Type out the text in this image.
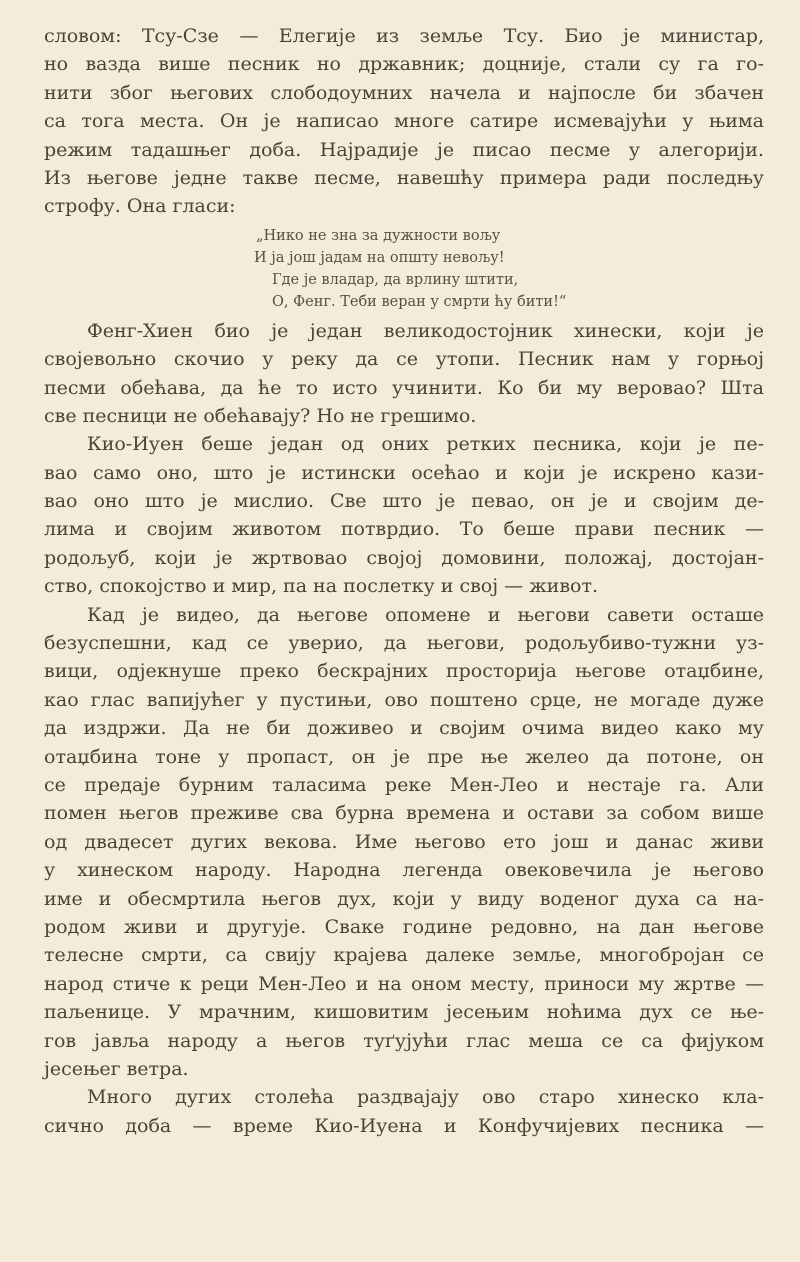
словом: Тсу-Сзе — Елегије из земље Тсу. Био је министар,
но вазда више песник но државник; доцније, стали су га го-
нити због његових слободоумних начела и најпосле би збачен
са тога места. Он је написао многе сатире исмевајући у њима
режим тадашњег доба. Најрадије је писао песме у алегорији.
Из његове једне такве песме, навешћу примера ради последњу
строфу. Она гласи:
„Нико не зна за дужности вољу
И ја још јадам на општу невољу!
Где је владар, да врлину штити,
О, Фенг. Теби веран у смрти ћу бити!“
Фенг-Хиен био је један великодостојник хинески, који је
својевољно скочио у реку да се утопи. Песник нам у горњој
песми обећава, да ће то исто учинити. Ко би му веровао? Шта
све песници не обећавају? Но не грешимо.
Кио-Иуен беше један од оних ретких песника, који је пе-
вао само оно, што је истински осећао и који је искрено кази-
вао оно што је мислио. Све што је певао, он је и својим де-
лима и својим животом потврдио. То беше прави песник —
родољуб, који је жртвовао својој домовини, положај, достојан-
ство, спокојство и мир, па на послетку и свој — живот.
Кад је видео, да његове опомене и његови савети осташе
безуспешни, кад се уверио, да његови, родољубиво-тужни уз-
вици, одјекнуше преко бескрајних просторија његове отаџбине,
као глас вапијућег у пустињи, ово поштено срце, не могаде дуже
да издржи. Да не би доживео и својим очима видео како му
отаџбина тоне у пропаст, он је пре ње желео да потоне, он
се предаје бурним таласима реке Мен-Лео и нестаје га. Али
помен његов преживе сва бурна времена и остави за собом више
од двадесет дугих векова. Име његово ето још и данас живи
у хинеском народу. Народна легенда овековечила је његово
име и обесмртила његов дух, који у виду воденог духа са на-
родом живи и другује. Сваке године редовно, на дан његове
телесне смрти, са свију крајева далеке земље, многобројан се
народ стиче к реци Мен-Лео и на оном месту, приноси му жртве —
паљенице. У мрачним, кишовитим јесењим ноћима дух се ње-
гов јавља народу а његов туґујући глас меша се са фијуком
јесењег ветра.
Много дугих столећа раздвајају ово старо хинеско кла-
сично доба — време Кио-Иуена и Конфучијевих песника —
